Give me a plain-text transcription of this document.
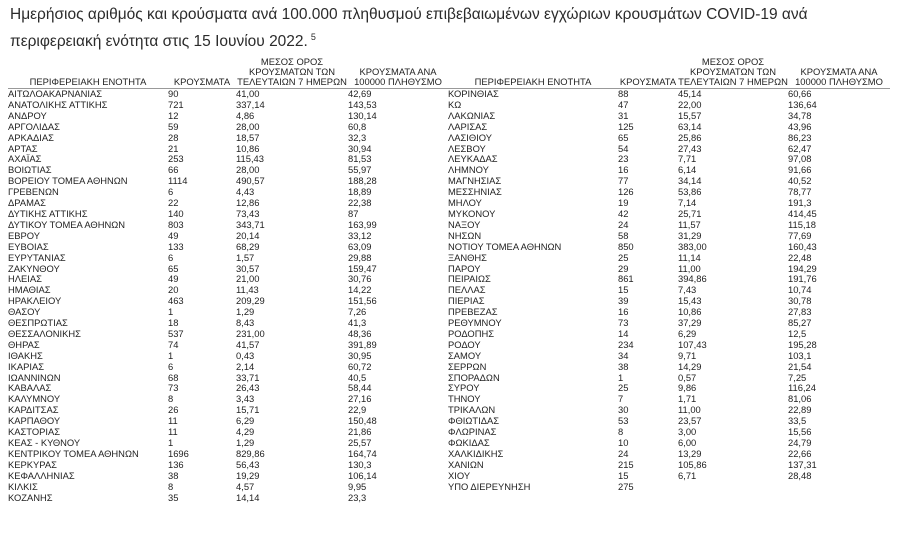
Ημερήσιος αριθμός και κρούσματα ανά 100.000 πληθυσμού επιβεβαιωμένων εγχώριων κρουσμάτων COVID-19 ανά περιφερειακή ενότητα στις 15 Ιουνίου 2022. $^5$
ΠΕΡΙΦΕΡΕΙΑΚΗ ΕΝΟΤΗΤΑ	ΚΡΟΥΣΜΑΤΑ	ΜΕΣΟΣ ΟΡΟΣ ΚΡΟΥΣΜΑΤΩΝ ΤΩΝ ΤΕΛΕΥΤΑΙΩΝ 7 ΗΜΕΡΩΝ	ΚΡΟΥΣΜΑΤΑ ΑΝΑ 100000 ΠΛΗΘΥΣΜΟ	ΠΕΡΙΦΕΡΕΙΑΚΗ ΕΝΟΤΗΤΑ	ΚΡΟΥΣΜΑΤΑ	ΜΕΣΟΣ ΟΡΟΣ ΚΡΟΥΣΜΑΤΩΝ ΤΩΝ ΤΕΛΕΥΤΑΙΩΝ 7 ΗΜΕΡΩΝ	ΚΡΟΥΣΜΑΤΑ ΑΝΑ 100000 ΠΛΗΘΥΣΜΟ
ΑΙΤΩΛΟΑΚΑΡΝΑΝΙΑΣ	90	41,00	42,69	ΚΟΡΙΝΘΙΑΣ	88	45,14	60,66
ΑΝΑΤΟΛΙΚΗΣ ΑΤΤΙΚΗΣ	721	337,14	143,53	ΚΩ	47	22,00	136,64
ΑΝΔΡΟΥ	12	4,86	130,14	ΛΑΚΩΝΙΑΣ	31	15,57	34,78
ΑΡΓΟΛΙΔΑΣ	59	28,00	60,8	ΛΑΡΙΣΑΣ	125	63,14	43,96
ΑΡΚΑΔΙΑΣ	28	18,57	32,3	ΛΑΣΙΘΙΟΥ	65	25,86	86,23
ΑΡΤΑΣ	21	10,86	30,94	ΛΕΣΒΟΥ	54	27,43	62,47
ΑΧΑΪΑΣ	253	115,43	81,53	ΛΕΥΚΑΔΑΣ	23	7,71	97,08
ΒΟΙΩΤΙΑΣ	66	28,00	55,97	ΛΗΜΝΟΥ	16	6,14	91,66
ΒΟΡΕΙΟΥ ΤΟΜΕΑ ΑΘΗΝΩΝ	1114	490,57	188,28	ΜΑΓΝΗΣΙΑΣ	77	34,14	40,52
ΓΡΕΒΕΝΩΝ	6	4,43	18,89	ΜΕΣΣΗΝΙΑΣ	126	53,86	78,77
ΔΡΑΜΑΣ	22	12,86	22,38	ΜΗΛΟΥ	19	7,14	191,3
ΔΥΤΙΚΗΣ ΑΤΤΙΚΗΣ	140	73,43	87	ΜΥΚΟΝΟΥ	42	25,71	414,45
ΔΥΤΙΚΟΥ ΤΟΜΕΑ ΑΘΗΝΩΝ	803	343,71	163,99	ΝΑΞΟΥ	24	11,57	115,18
ΕΒΡΟΥ	49	20,14	33,12	ΝΗΣΩΝ	58	31,29	77,69
ΕΥΒΟΙΑΣ	133	68,29	63,09	ΝΟΤΙΟΥ ΤΟΜΕΑ ΑΘΗΝΩΝ	850	383,00	160,43
ΕΥΡΥΤΑΝΙΑΣ	6	1,57	29,88	ΞΑΝΘΗΣ	25	11,14	22,48
ΖΑΚΥΝΘΟΥ	65	30,57	159,47	ΠΑΡΟΥ	29	11,00	194,29
ΗΛΕΙΑΣ	49	21,00	30,76	ΠΕΙΡΑΙΩΣ	861	394,86	191,76
ΗΜΑΘΙΑΣ	20	11,43	14,22	ΠΕΛΛΑΣ	15	7,43	10,74
ΗΡΑΚΛΕΙΟΥ	463	209,29	151,56	ΠΙΕΡΙΑΣ	39	15,43	30,78
ΘΑΣΟΥ	1	1,29	7,26	ΠΡΕΒΕΖΑΣ	16	10,86	27,83
ΘΕΣΠΡΩΤΙΑΣ	18	8,43	41,3	ΡΕΘΥΜΝΟΥ	73	37,29	85,27
ΘΕΣΣΑΛΟΝΙΚΗΣ	537	231,00	48,36	ΡΟΔΟΠΗΣ	14	6,29	12,5
ΘΗΡΑΣ	74	41,57	391,89	ΡΟΔΟΥ	234	107,43	195,28
ΙΘΑΚΗΣ	1	0,43	30,95	ΣΑΜΟΥ	34	9,71	103,1
ΙΚΑΡΙΑΣ	6	2,14	60,72	ΣΕΡΡΩΝ	38	14,29	21,54
ΙΩΑΝΝΙΝΩΝ	68	33,71	40,5	ΣΠΟΡΑΔΩΝ	1	0,57	7,25
ΚΑΒΑΛΑΣ	73	26,43	58,44	ΣΥΡΟΥ	25	9,86	116,24
ΚΑΛΥΜΝΟΥ	8	3,43	27,16	ΤΗΝΟΥ	7	1,71	81,06
ΚΑΡΔΙΤΣΑΣ	26	15,71	22,9	ΤΡΙΚΑΛΩΝ	30	11,00	22,89
ΚΑΡΠΑΘΟΥ	11	6,29	150,48	ΦΘΙΩΤΙΔΑΣ	53	23,57	33,5
ΚΑΣΤΟΡΙΑΣ	11	4,29	21,86	ΦΛΩΡΙΝΑΣ	8	3,00	15,56
ΚΕΑΣ - ΚΥΘΝΟΥ	1	1,29	25,57	ΦΩΚΙΔΑΣ	10	6,00	24,79
ΚΕΝΤΡΙΚΟΥ ΤΟΜΕΑ ΑΘΗΝΩΝ	1696	829,86	164,74	ΧΑΛΚΙΔΙΚΗΣ	24	13,29	22,66
ΚΕΡΚΥΡΑΣ	136	56,43	130,3	ΧΑΝΙΩΝ	215	105,86	137,31
ΚΕΦΑΛΛΗΝΙΑΣ	38	19,29	106,14	ΧΙΟΥ	15	6,71	28,48
ΚΙΛΚΙΣ	8	4,57	9,95	ΥΠΟ ΔΙΕΡΕΥΝΗΣΗ	275		
ΚΟΖΑΝΗΣ	35	14,14	23,3				
